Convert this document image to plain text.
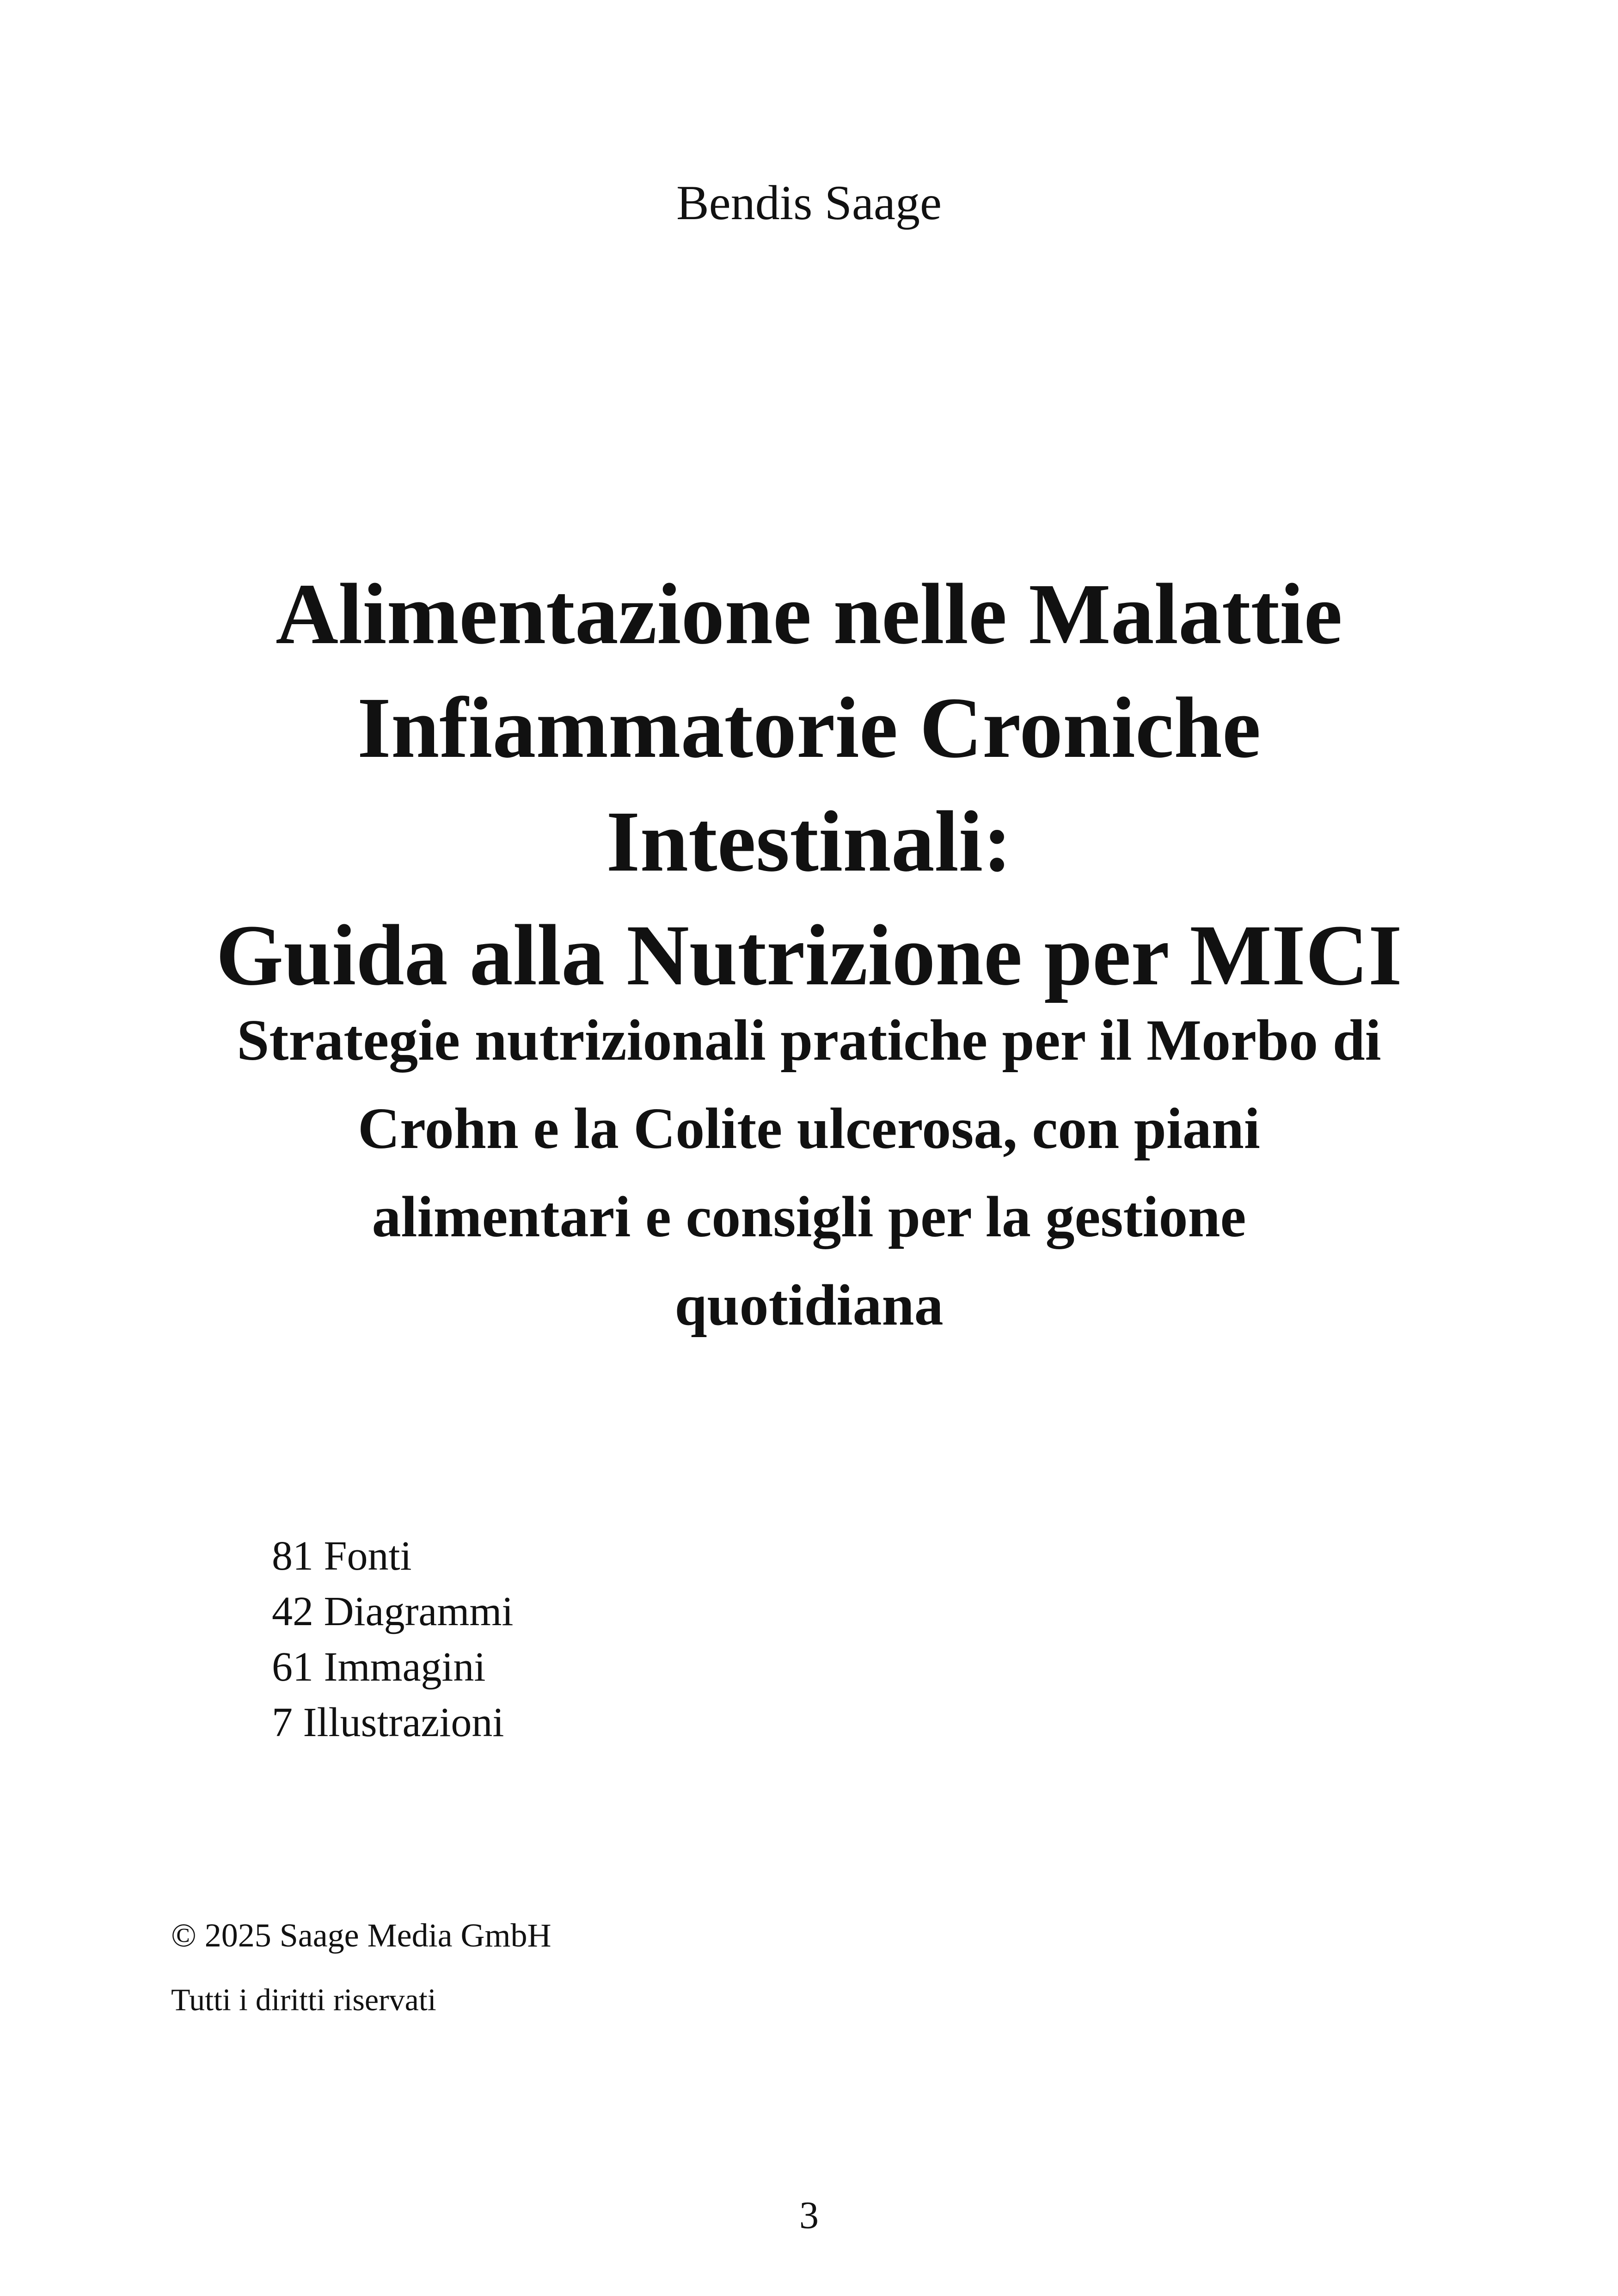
Bendis Saage
Alimentazione nelle Malattie
Infiammatorie Croniche
Intestinali:
Guida alla Nutrizione per MICI
Strategie nutrizionali pratiche per il Morbo di
Crohn e la Colite ulcerosa, con piani
alimentari e consigli per la gestione
quotidiana
81 Fonti
42 Diagrammi
61 Immagini
7 Illustrazioni
© 2025 Saage Media GmbH
Tutti i diritti riservati
3
